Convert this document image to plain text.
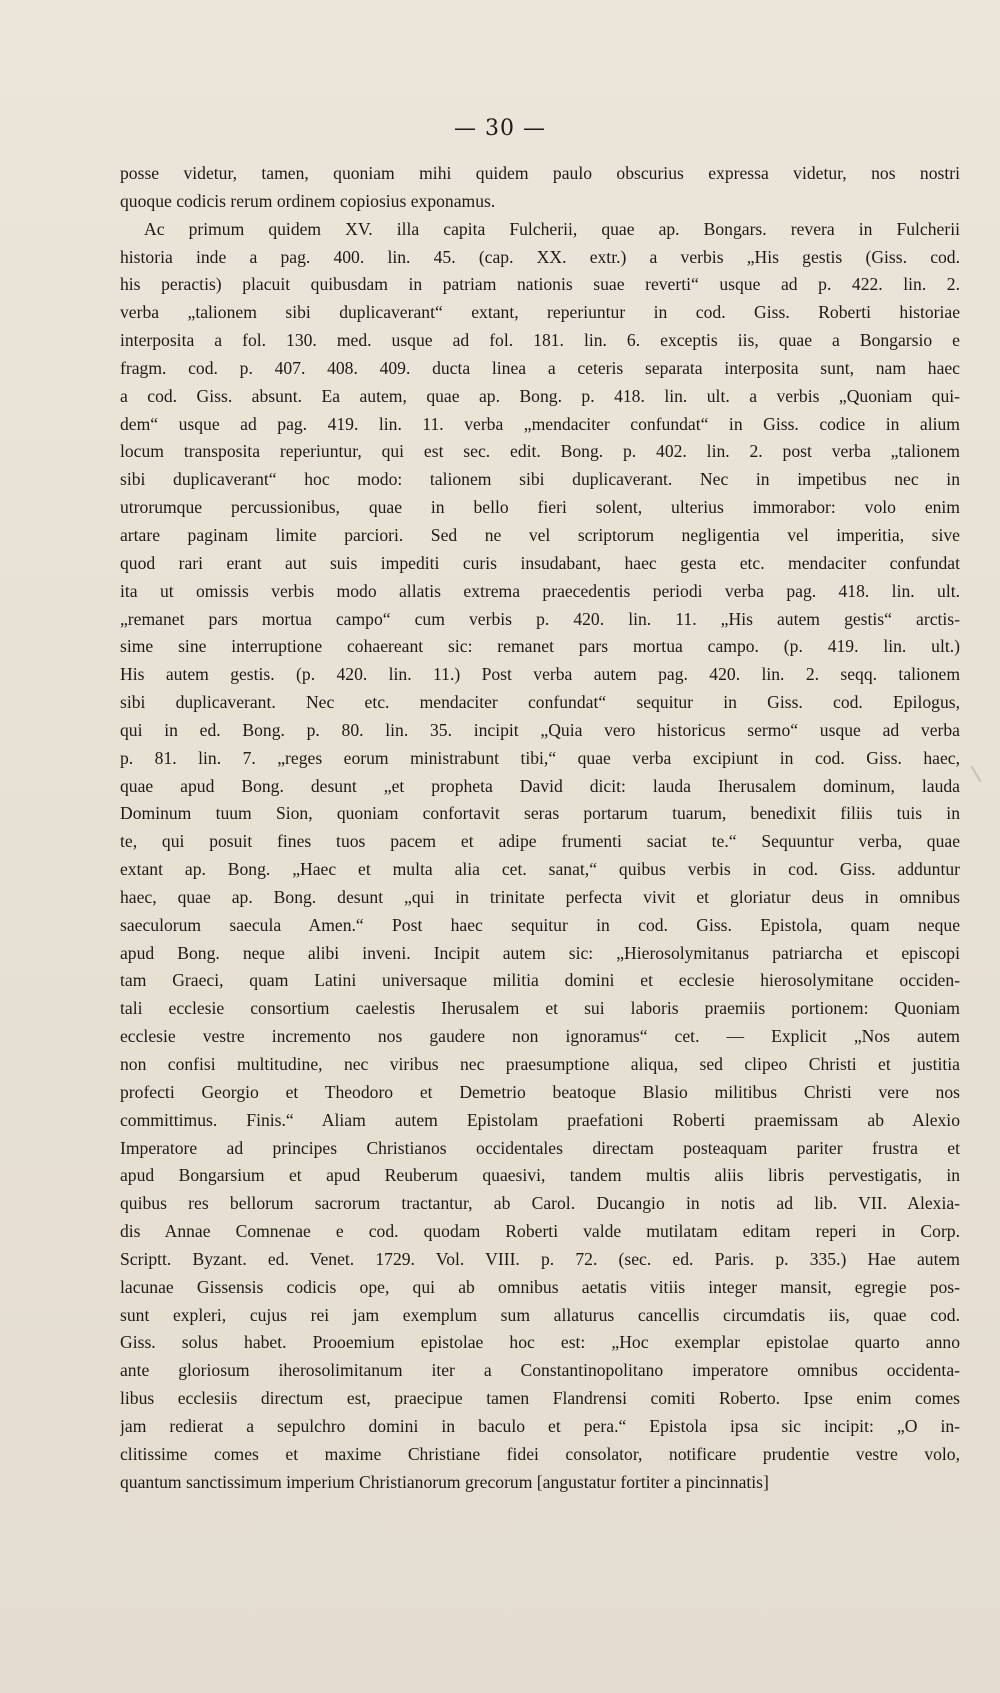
— 30 —
posse videtur, tamen, quoniam mihi quidem paulo obscurius expressa videtur, nos nostri
quoque codicis rerum ordinem copiosius exponamus.
Ac primum quidem XV. illa capita Fulcherii, quae ap. Bongars. revera in Fulcherii
historia inde a pag. 400. lin. 45. (cap. XX. extr.) a verbis „His gestis (Giss. cod.
his peractis) placuit quibusdam in patriam nationis suae reverti“ usque ad p. 422. lin. 2.
verba „talionem sibi duplicaverant“ extant, reperiuntur in cod. Giss. Roberti historiae
interposita a fol. 130. med. usque ad fol. 181. lin. 6. exceptis iis, quae a Bongarsio e
fragm. cod. p. 407. 408. 409. ducta linea a ceteris separata interposita sunt, nam haec
a cod. Giss. absunt. Ea autem, quae ap. Bong. p. 418. lin. ult. a verbis „Quoniam qui-
dem“ usque ad pag. 419. lin. 11. verba „mendaciter confundat“ in Giss. codice in alium
locum transposita reperiuntur, qui est sec. edit. Bong. p. 402. lin. 2. post verba „talionem
sibi duplicaverant“ hoc modo: talionem sibi duplicaverant. Nec in impetibus nec in
utrorumque percussionibus, quae in bello fieri solent, ulterius immorabor: volo enim
artare paginam limite parciori. Sed ne vel scriptorum negligentia vel imperitia, sive
quod rari erant aut suis impediti curis insudabant, haec gesta etc. mendaciter confundat
ita ut omissis verbis modo allatis extrema praecedentis periodi verba pag. 418. lin. ult.
„remanet pars mortua campo“ cum verbis p. 420. lin. 11. „His autem gestis“ arctis-
sime sine interruptione cohaereant sic: remanet pars mortua campo. (p. 419. lin. ult.)
His autem gestis. (p. 420. lin. 11.) Post verba autem pag. 420. lin. 2. seqq. talionem
sibi duplicaverant. Nec etc. mendaciter confundat“ sequitur in Giss. cod. Epilogus,
qui in ed. Bong. p. 80. lin. 35. incipit „Quia vero historicus sermo“ usque ad verba
p. 81. lin. 7. „reges eorum ministrabunt tibi,“ quae verba excipiunt in cod. Giss. haec,
quae apud Bong. desunt „et propheta David dicit: lauda Iherusalem dominum, lauda
Dominum tuum Sion, quoniam confortavit seras portarum tuarum, benedixit filiis tuis in
te, qui posuit fines tuos pacem et adipe frumenti saciat te.“ Sequuntur verba, quae
extant ap. Bong. „Haec et multa alia cet. sanat,“ quibus verbis in cod. Giss. adduntur
haec, quae ap. Bong. desunt „qui in trinitate perfecta vivit et gloriatur deus in omnibus
saeculorum saecula Amen.“ Post haec sequitur in cod. Giss. Epistola, quam neque
apud Bong. neque alibi inveni. Incipit autem sic: „Hierosolymitanus patriarcha et episcopi
tam Graeci, quam Latini universaque militia domini et ecclesie hierosolymitane occiden-
tali ecclesie consortium caelestis Iherusalem et sui laboris praemiis portionem: Quoniam
ecclesie vestre incremento nos gaudere non ignoramus“ cet. — Explicit „Nos autem
non confisi multitudine, nec viribus nec praesumptione aliqua, sed clipeo Christi et justitia
profecti Georgio et Theodoro et Demetrio beatoque Blasio militibus Christi vere nos
committimus. Finis.“ Aliam autem Epistolam praefationi Roberti praemissam ab Alexio
Imperatore ad principes Christianos occidentales directam posteaquam pariter frustra et
apud Bongarsium et apud Reuberum quaesivi, tandem multis aliis libris pervestigatis, in
quibus res bellorum sacrorum tractantur, ab Carol. Ducangio in notis ad lib. VII. Alexia-
dis Annae Comnenae e cod. quodam Roberti valde mutilatam editam reperi in Corp.
Scriptt. Byzant. ed. Venet. 1729. Vol. VIII. p. 72. (sec. ed. Paris. p. 335.) Hae autem
lacunae Gissensis codicis ope, qui ab omnibus aetatis vitiis integer mansit, egregie pos-
sunt expleri, cujus rei jam exemplum sum allaturus cancellis circumdatis iis, quae cod.
Giss. solus habet. Prooemium epistolae hoc est: „Hoc exemplar epistolae quarto anno
ante gloriosum iherosolimitanum iter a Constantinopolitano imperatore omnibus occidenta-
libus ecclesiis directum est, praecipue tamen Flandrensi comiti Roberto. Ipse enim comes
jam redierat a sepulchro domini in baculo et pera.“ Epistola ipsa sic incipit: „O in-
clitissime comes et maxime Christiane fidei consolator, notificare prudentie vestre volo,
quantum sanctissimum imperium Christianorum grecorum [angustatur fortiter a pincinnatis]
